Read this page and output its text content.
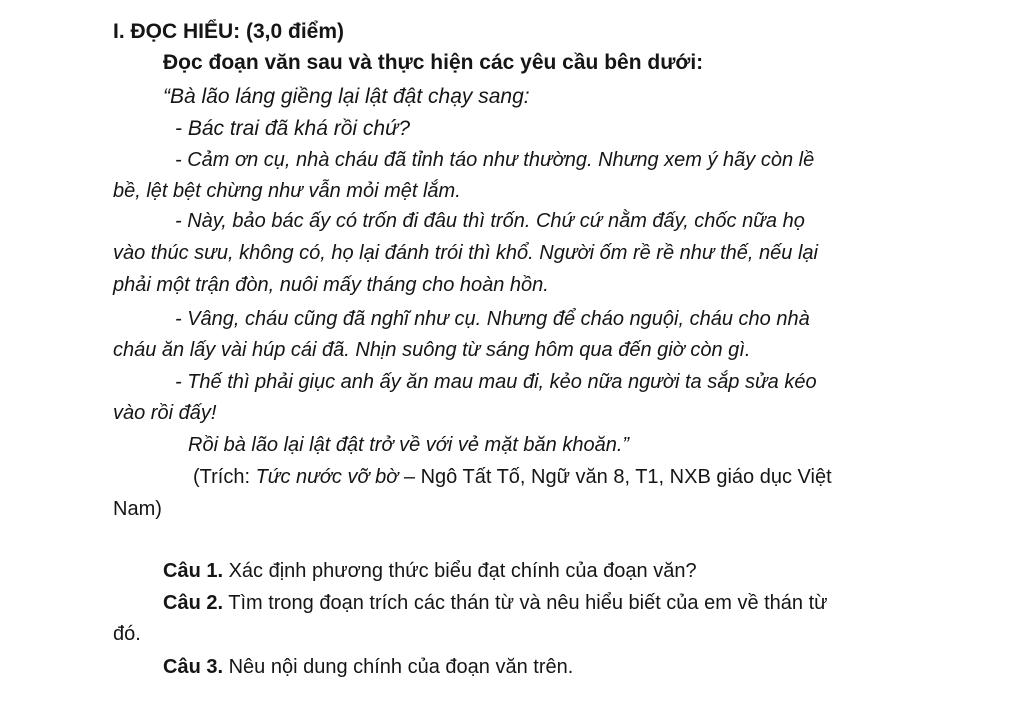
I. ĐỌC HIỂU: (3,0 điểm)
Đọc đoạn văn sau và thực hiện các yêu cầu bên dưới:
“Bà lão láng giềng lại lật đật chạy sang:
- Bác trai đã khá rồi chứ?
- Cảm ơn cụ, nhà cháu đã tỉnh táo như thường. Nhưng xem ý hãy còn lề
bề, lệt bệt chừng như vẫn mỏi mệt lắm.
- Này, bảo bác ấy có trốn đi đâu thì trốn. Chứ cứ nằm đấy, chốc nữa họ
vào thúc sưu, không có, họ lại đánh trói thì khổ. Người ốm rề rề như thế, nếu lại
phải một trận đòn, nuôi mấy tháng cho hoàn hồn.
- Vâng, cháu cũng đã nghĩ như cụ. Nhưng để cháo nguội, cháu cho nhà
cháu ăn lấy vài húp cái đã. Nhịn suông từ sáng hôm qua đến giờ còn gì.
- Thế thì phải giục anh ấy ăn mau mau đi, kẻo nữa người ta sắp sửa kéo
vào rồi đấy!
Rồi bà lão lại lật đật trở về với vẻ mặt băn khoăn.”
(Trích: Tức nước vỡ bờ – Ngô Tất Tố, Ngữ văn 8, T1, NXB giáo dục Việt
Nam)
Câu 1. Xác định phương thức biểu đạt chính của đoạn văn?
Câu 2. Tìm trong đoạn trích các thán từ và nêu hiểu biết của em về thán từ
đó.
Câu 3. Nêu nội dung chính của đoạn văn trên.
